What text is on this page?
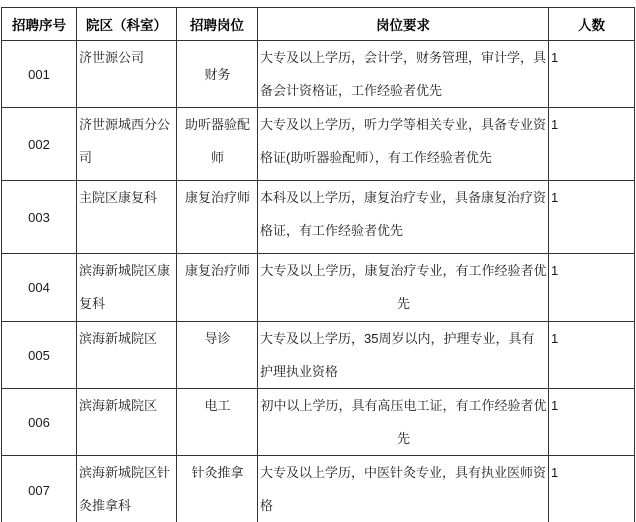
招聘序号	院区（科室）	招聘岗位	岗位要求	人数
001	济世源公司	财务	大专及以上学历，会计学，财务管理，审计学，具备会计资格证，工作经验者优先	1
002	济世源城西分公司	助听器验配师	大专及以上学历，听力学等相关专业，具备专业资格证(助听器验配师），有工作经验者优先	1
003	主院区康复科	康复治疗师	本科及以上学历，康复治疗专业，具备康复治疗资格证，有工作经验者优先	1
004	滨海新城院区康复科	康复治疗师	大专及以上学历，康复治疗专业，有工作经验者优先	1
005	滨海新城院区	导诊	大专及以上学历，35周岁以内，护理专业，具有护理执业资格	1
006	滨海新城院区	电工	初中以上学历，具有高压电工证，有工作经验者优先	1
007	滨海新城院区针灸推拿科	针灸推拿	大专及以上学历，中医针灸专业，具有执业医师资格	1
